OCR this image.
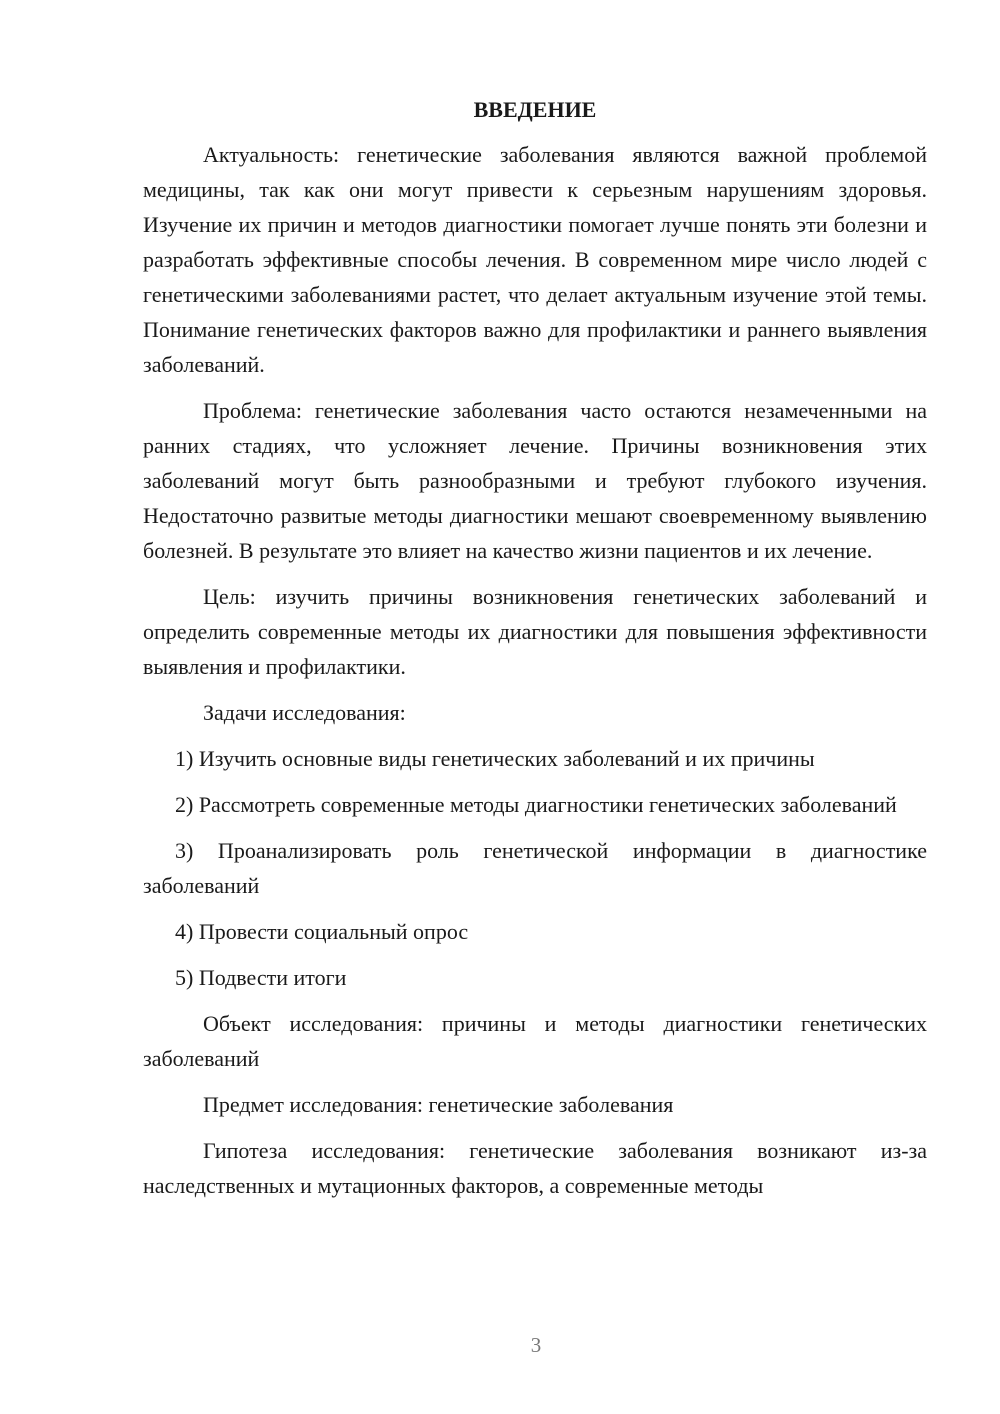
ВВЕДЕНИЕ

Актуальность: генетические заболевания являются важной проблемой медицины, так как они могут привести к серьезным нарушениям здоровья. Изучение их причин и методов диагностики помогает лучше понять эти болезни и разработать эффективные способы лечения. В современном мире число людей с генетическими заболеваниями растет, что делает актуальным изучение этой темы. Понимание генетических факторов важно для профилактики и раннего выявления заболеваний.

Проблема: генетические заболевания часто остаются незамеченными на ранних стадиях, что усложняет лечение. Причины возникновения этих заболеваний могут быть разнообразными и требуют глубокого изучения. Недостаточно развитые методы диагностики мешают своевременному выявлению болезней. В результате это влияет на качество жизни пациентов и их лечение.

Цель: изучить причины возникновения генетических заболеваний и определить современные методы их диагностики для повышения эффективности выявления и профилактики.

Задачи исследования:

1) Изучить основные виды генетических заболеваний и их причины

2) Рассмотреть современные методы диагностики генетических заболеваний

3) Проанализировать роль генетической информации в диагностике заболеваний

4) Провести социальный опрос

5) Подвести итоги

Объект исследования: причины и методы диагностики генетических заболеваний

Предмет исследования: генетические заболевания

Гипотеза исследования: генетические заболевания возникают из-за наследственных и мутационных факторов, а современные методы

3
